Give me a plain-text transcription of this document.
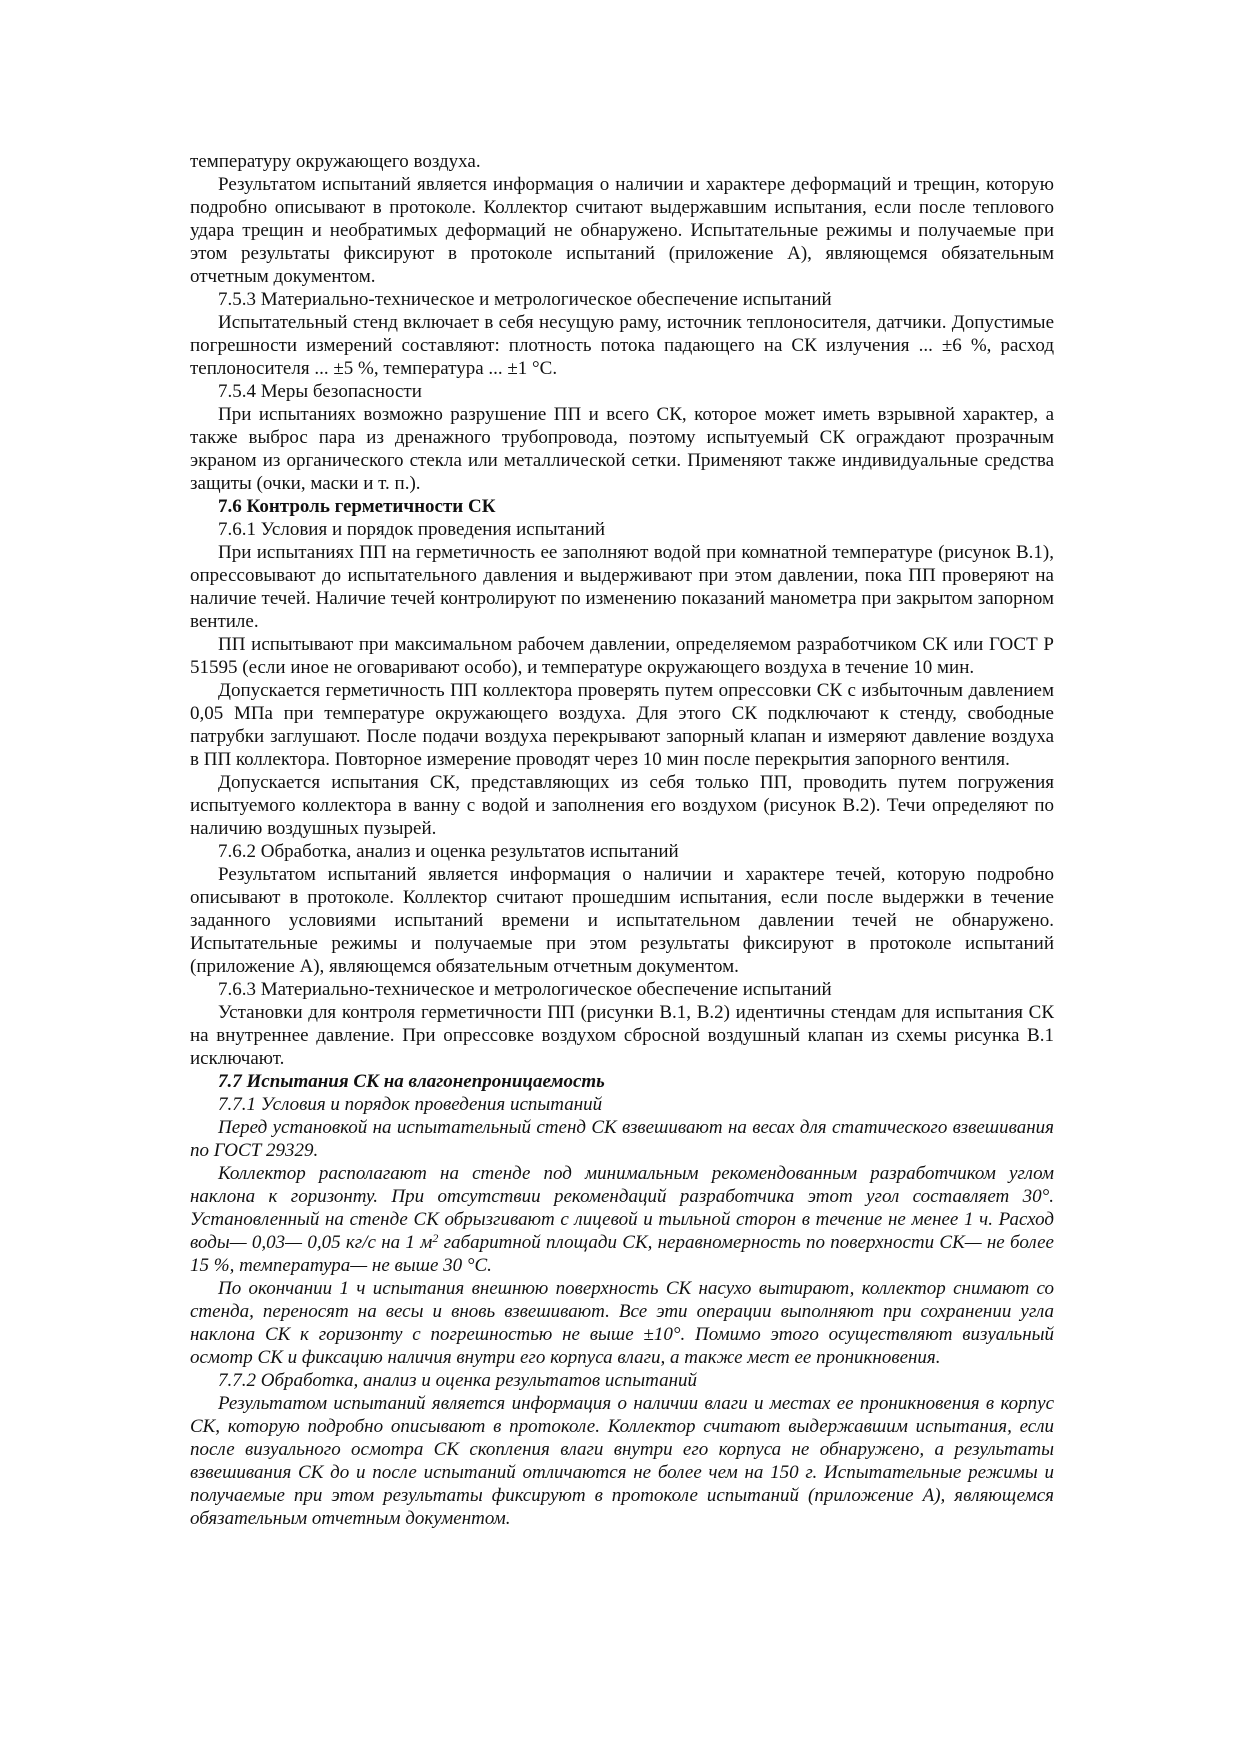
температуру окружающего воздуха.

Результатом испытаний является информация о наличии и характере деформаций и трещин, которую подробно описывают в протоколе. Коллектор считают выдержавшим испытания, если после теплового удара трещин и необратимых деформаций не обнаружено. Испытательные режимы и получаемые при этом результаты фиксируют в протоколе испытаний (приложение А), являющемся обязательным отчетным документом.

7.5.3 Материально-техническое и метрологическое обеспечение испытаний

Испытательный стенд включает в себя несущую раму, источник теплоносителя, датчики. Допустимые погрешности измерений составляют: плотность потока падающего на СК излучения ... ±6 %, расход теплоносителя ... ±5 %, температура ... ±1 °С.

7.5.4 Меры безопасности

При испытаниях возможно разрушение ПП и всего СК, которое может иметь взрывной характер, а также выброс пара из дренажного трубопровода, поэтому испытуемый СК ограждают прозрачным экраном из органического стекла или металлической сетки. Применяют также индивидуальные средства защиты (очки, маски и т. п.).

7.6 Контроль герметичности СК

7.6.1 Условия и порядок проведения испытаний

При испытаниях ПП на герметичность ее заполняют водой при комнатной температуре (рисунок В.1), опрессовывают до испытательного давления и выдерживают при этом давлении, пока ПП проверяют на наличие течей. Наличие течей контролируют по изменению показаний манометра при закрытом запорном вентиле.

ПП испытывают при максимальном рабочем давлении, определяемом разработчиком СК или ГОСТ Р 51595 (если иное не оговаривают особо), и температуре окружающего воздуха в течение 10 мин.

Допускается герметичность ПП коллектора проверять путем опрессовки СК с избыточным давлением 0,05 МПа при температуре окружающего воздуха. Для этого СК подключают к стенду, свободные патрубки заглушают. После подачи воздуха перекрывают запорный клапан и измеряют давление воздуха в ПП коллектора. Повторное измерение проводят через 10 мин после перекрытия запорного вентиля.

Допускается испытания СК, представляющих из себя только ПП, проводить путем погружения испытуемого коллектора в ванну с водой и заполнения его воздухом (рисунок В.2). Течи определяют по наличию воздушных пузырей.

7.6.2 Обработка, анализ и оценка результатов испытаний

Результатом испытаний является информация о наличии и характере течей, которую подробно описывают в протоколе. Коллектор считают прошедшим испытания, если после выдержки в течение заданного условиями испытаний времени и испытательном давлении течей не обнаружено. Испытательные режимы и получаемые при этом результаты фиксируют в протоколе испытаний (приложение А), являющемся обязательным отчетным документом.

7.6.3 Материально-техническое и метрологическое обеспечение испытаний

Установки для контроля герметичности ПП (рисунки В.1, В.2) идентичны стендам для испытания СК на внутреннее давление. При опрессовке воздухом сбросной воздушный клапан из схемы рисунка В.1 исключают.

7.7 Испытания СК на влагонепроницаемость

7.7.1 Условия и порядок проведения испытаний

Перед установкой на испытательный стенд СК взвешивают на весах для статического взвешивания по ГОСТ 29329.

Коллектор располагают на стенде под минимальным рекомендованным разработчиком углом наклона к горизонту. При отсутствии рекомендаций разработчика этот угол составляет 30°. Установленный на стенде СК обрызгивают с лицевой и тыльной сторон в течение не менее 1 ч. Расход воды— 0,03— 0,05 кг/с на 1 $м^2$ габаритной площади СК, неравномерность по поверхности СК— не более 15 %, температура— не выше 30 °С.

По окончании 1 ч испытания внешнюю поверхность СК насухо вытирают, коллектор снимают со стенда, переносят на весы и вновь взвешивают. Все эти операции выполняют при сохранении угла наклона СК к горизонту с погрешностью не выше ±10°. Помимо этого осуществляют визуальный осмотр СК и фиксацию наличия внутри его корпуса влаги, а также мест ее проникновения.

7.7.2 Обработка, анализ и оценка результатов испытаний

Результатом испытаний является информация о наличии влаги и местах ее проникновения в корпус СК, которую подробно описывают в протоколе. Коллектор считают выдержавшим испытания, если после визуального осмотра СК скопления влаги внутри его корпуса не обнаружено, а результаты взвешивания СК до и после испытаний отличаются не более чем на 150 г. Испытательные режимы и получаемые при этом результаты фиксируют в протоколе испытаний (приложение А), являющемся обязательным отчетным документом.
